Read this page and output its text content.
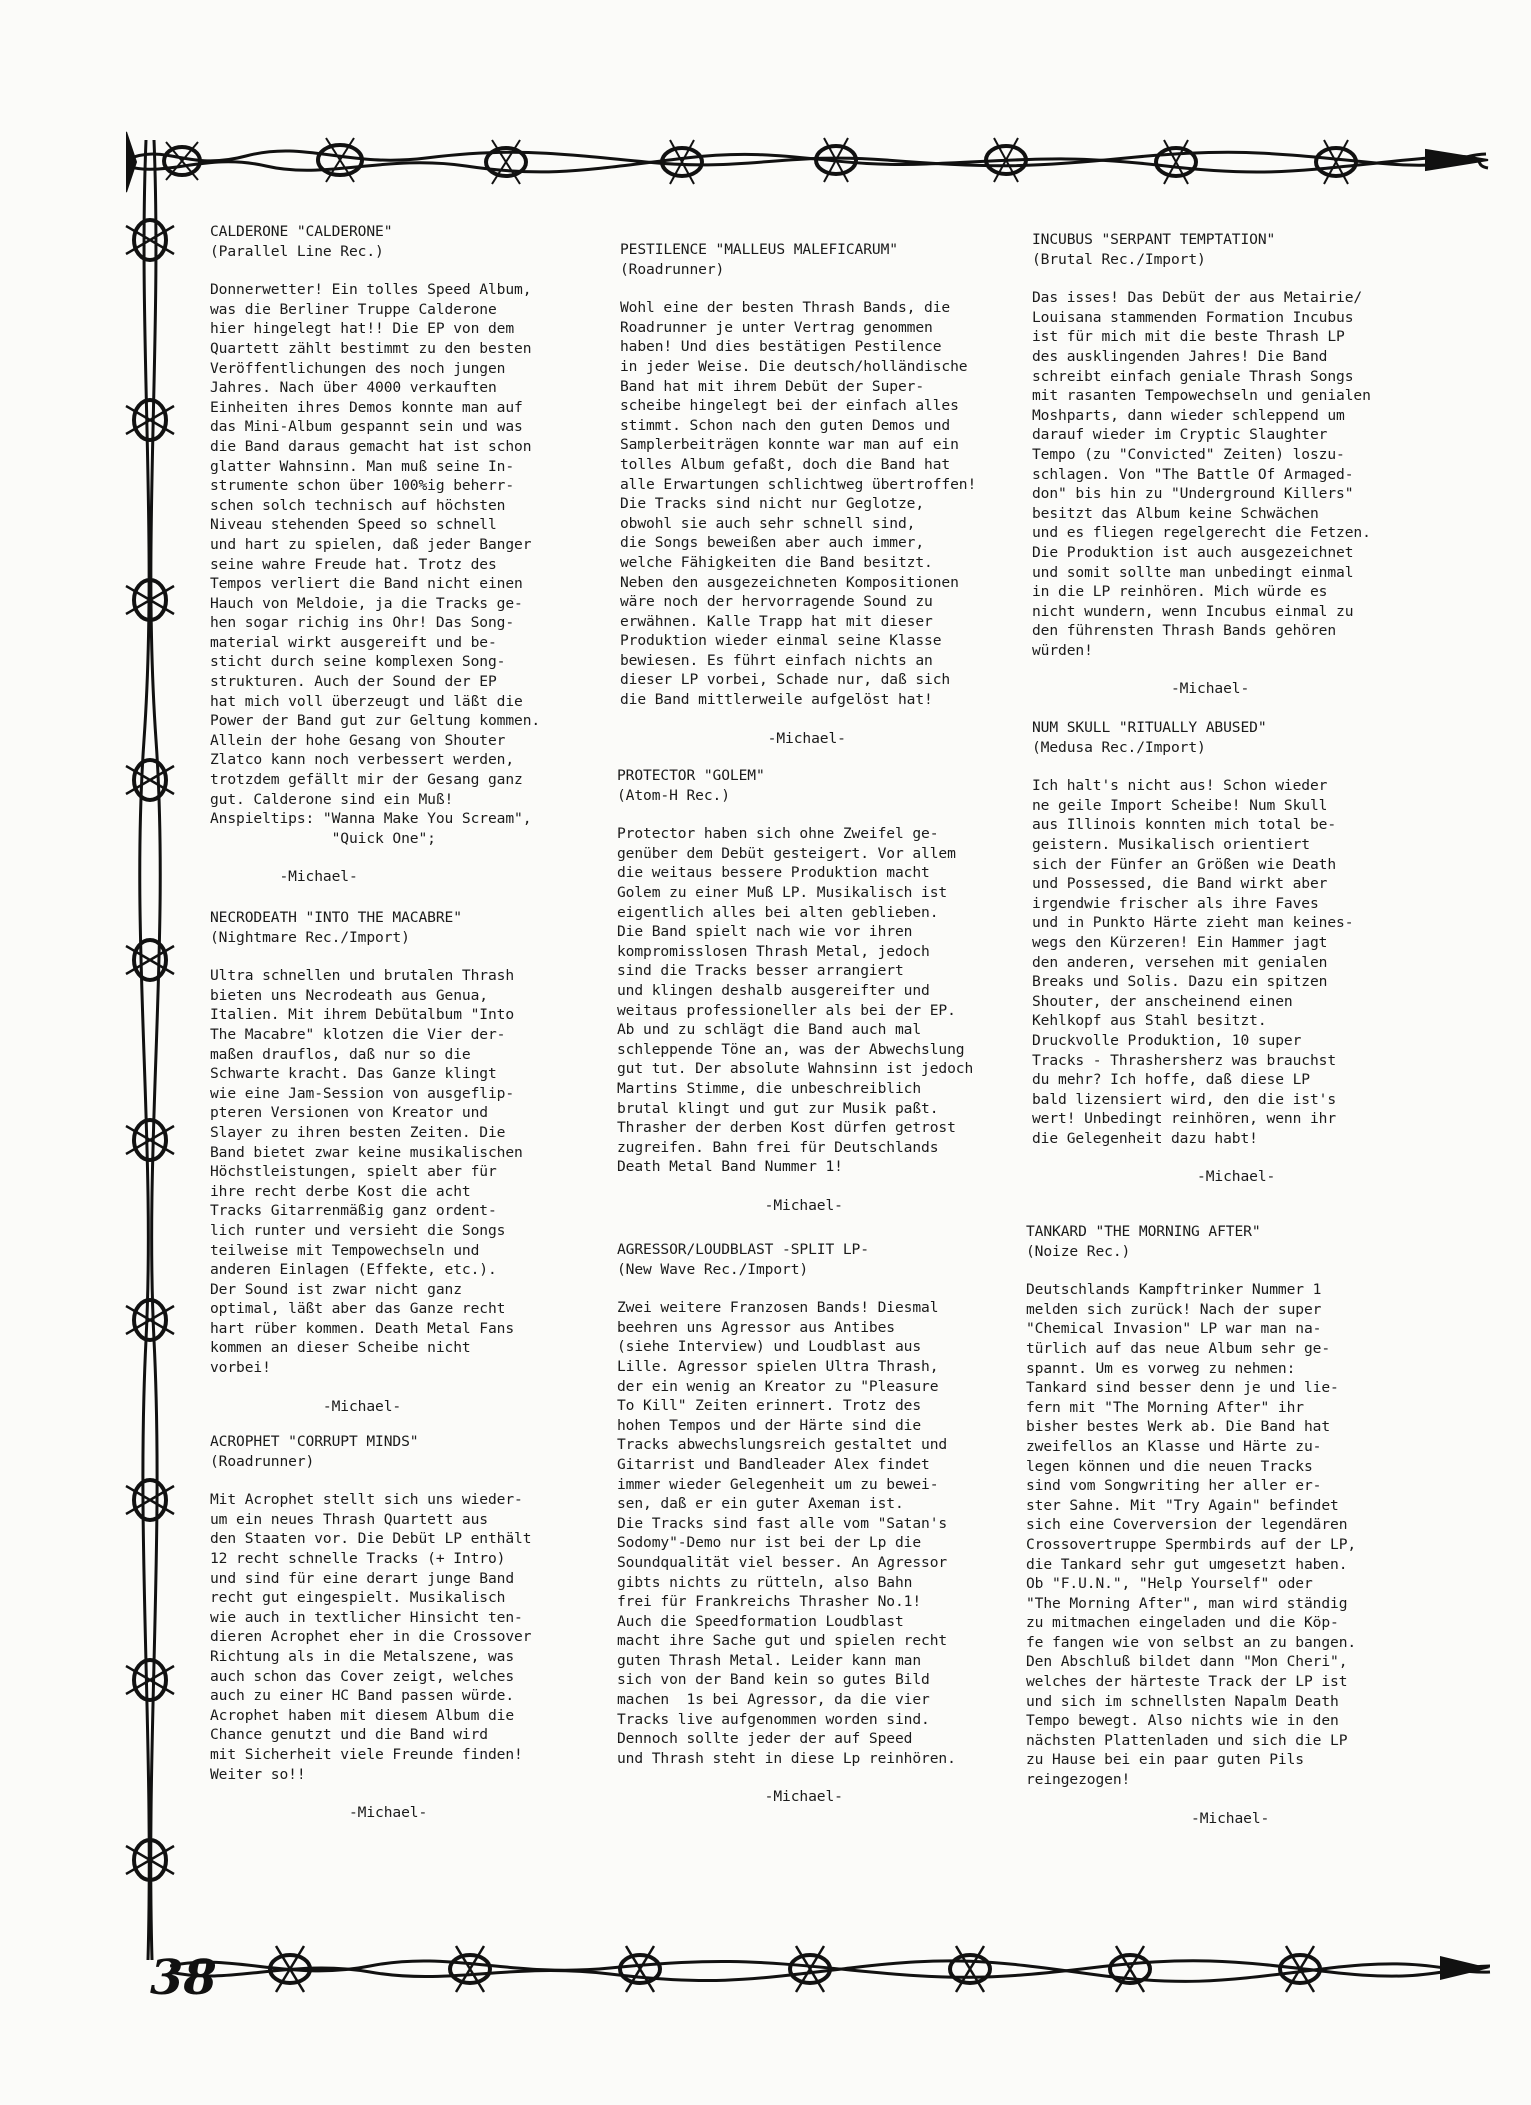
38
CALDERONE "CALDERONE"
(Parallel Line Rec.)
Donnerwetter! Ein tolles Speed Album,
was die Berliner Truppe Calderone
hier hingelegt hat!! Die EP von dem
Quartett zählt bestimmt zu den besten
Veröffentlichungen des noch jungen
Jahres. Nach über 4000 verkauften
Einheiten ihres Demos konnte man auf
das Mini-Album gespannt sein und was
die Band daraus gemacht hat ist schon
glatter Wahnsinn. Man muß seine In-
strumente schon über 100%ig beherr-
schen solch technisch auf höchsten
Niveau stehenden Speed so schnell
und hart zu spielen, daß jeder Banger
seine wahre Freude hat. Trotz des
Tempos verliert die Band nicht einen
Hauch von Meldoie, ja die Tracks ge-
hen sogar richig ins Ohr! Das Song-
material wirkt ausgereift und be-
sticht durch seine komplexen Song-
strukturen. Auch der Sound der EP
hat mich voll überzeugt und läßt die
Power der Band gut zur Geltung kommen.
Allein der hohe Gesang von Shouter
Zlatco kann noch verbessert werden,
trotzdem gefällt mir der Gesang ganz
gut. Calderone sind ein Muß!
Anspieltips: "Wanna Make You Scream",
"Quick One";
-Michael-
NECRODEATH "INTO THE MACABRE"
(Nightmare Rec./Import)
Ultra schnellen und brutalen Thrash
bieten uns Necrodeath aus Genua,
Italien. Mit ihrem Debütalbum "Into
The Macabre" klotzen die Vier der-
maßen drauflos, daß nur so die
Schwarte kracht. Das Ganze klingt
wie eine Jam-Session von ausgeflip-
pteren Versionen von Kreator und
Slayer zu ihren besten Zeiten. Die
Band bietet zwar keine musikalischen
Höchstleistungen, spielt aber für
ihre recht derbe Kost die acht
Tracks Gitarrenmäßig ganz ordent-
lich runter und versieht die Songs
teilweise mit Tempowechseln und
anderen Einlagen (Effekte, etc.).
Der Sound ist zwar nicht ganz
optimal, läßt aber das Ganze recht
hart rüber kommen. Death Metal Fans
kommen an dieser Scheibe nicht
vorbei!
-Michael-
ACROPHET "CORRUPT MINDS"
(Roadrunner)
Mit Acrophet stellt sich uns wieder-
um ein neues Thrash Quartett aus
den Staaten vor. Die Debüt LP enthält
12 recht schnelle Tracks (+ Intro)
und sind für eine derart junge Band
recht gut eingespielt. Musikalisch
wie auch in textlicher Hinsicht ten-
dieren Acrophet eher in die Crossover
Richtung als in die Metalszene, was
auch schon das Cover zeigt, welches
auch zu einer HC Band passen würde.
Acrophet haben mit diesem Album die
Chance genutzt und die Band wird
mit Sicherheit viele Freunde finden!
Weiter so!!
-Michael-
PESTILENCE "MALLEUS MALEFICARUM"
(Roadrunner)
Wohl eine der besten Thrash Bands, die
Roadrunner je unter Vertrag genommen
haben! Und dies bestätigen Pestilence
in jeder Weise. Die deutsch/holländische
Band hat mit ihrem Debüt der Super-
scheibe hingelegt bei der einfach alles
stimmt. Schon nach den guten Demos und
Samplerbeiträgen konnte war man auf ein
tolles Album gefaßt, doch die Band hat
alle Erwartungen schlichtweg übertroffen!
Die Tracks sind nicht nur Geglotze,
obwohl sie auch sehr schnell sind,
die Songs beweißen aber auch immer,
welche Fähigkeiten die Band besitzt.
Neben den ausgezeichneten Kompositionen
wäre noch der hervorragende Sound zu
erwähnen. Kalle Trapp hat mit dieser
Produktion wieder einmal seine Klasse
bewiesen. Es führt einfach nichts an
dieser LP vorbei, Schade nur, daß sich
die Band mittlerweile aufgelöst hat!
-Michael-
PROTECTOR "GOLEM"
(Atom-H Rec.)
Protector haben sich ohne Zweifel ge-
genüber dem Debüt gesteigert. Vor allem
die weitaus bessere Produktion macht
Golem zu einer Muß LP. Musikalisch ist
eigentlich alles bei alten geblieben.
Die Band spielt nach wie vor ihren
kompromisslosen Thrash Metal, jedoch
sind die Tracks besser arrangiert
und klingen deshalb ausgereifter und
weitaus professioneller als bei der EP.
Ab und zu schlägt die Band auch mal
schleppende Töne an, was der Abwechslung
gut tut. Der absolute Wahnsinn ist jedoch
Martins Stimme, die unbeschreiblich
brutal klingt und gut zur Musik paßt.
Thrasher der derben Kost dürfen getrost
zugreifen. Bahn frei für Deutschlands
Death Metal Band Nummer 1!
-Michael-
AGRESSOR/LOUDBLAST -SPLIT LP-
(New Wave Rec./Import)
Zwei weitere Franzosen Bands! Diesmal
beehren uns Agressor aus Antibes
(siehe Interview) und Loudblast aus
Lille. Agressor spielen Ultra Thrash,
der ein wenig an Kreator zu "Pleasure
To Kill" Zeiten erinnert. Trotz des
hohen Tempos und der Härte sind die
Tracks abwechslungsreich gestaltet und
Gitarrist und Bandleader Alex findet
immer wieder Gelegenheit um zu bewei-
sen, daß er ein guter Axeman ist.
Die Tracks sind fast alle vom "Satan's
Sodomy"-Demo nur ist bei der Lp die
Soundqualität viel besser. An Agressor
gibts nichts zu rütteln, also Bahn
frei für Frankreichs Thrasher No.1!
Auch die Speedformation Loudblast
macht ihre Sache gut und spielen recht
guten Thrash Metal. Leider kann man
sich von der Band kein so gutes Bild
machen  1s bei Agressor, da die vier
Tracks live aufgenommen worden sind.
Dennoch sollte jeder der auf Speed
und Thrash steht in diese Lp reinhören.
-Michael-
INCUBUS "SERPANT TEMPTATION"
(Brutal Rec./Import)
Das isses! Das Debüt der aus Metairie/
Louisana stammenden Formation Incubus
ist für mich mit die beste Thrash LP
des ausklingenden Jahres! Die Band
schreibt einfach geniale Thrash Songs
mit rasanten Tempowechseln und genialen
Moshparts, dann wieder schleppend um
darauf wieder im Cryptic Slaughter
Tempo (zu "Convicted" Zeiten) loszu-
schlagen. Von "The Battle Of Armaged-
don" bis hin zu "Underground Killers"
besitzt das Album keine Schwächen
und es fliegen regelgerecht die Fetzen.
Die Produktion ist auch ausgezeichnet
und somit sollte man unbedingt einmal
in die LP reinhören. Mich würde es
nicht wundern, wenn Incubus einmal zu
den führensten Thrash Bands gehören
würden!
-Michael-
NUM SKULL "RITUALLY ABUSED"
(Medusa Rec./Import)
Ich halt's nicht aus! Schon wieder
ne geile Import Scheibe! Num Skull
aus Illinois konnten mich total be-
geistern. Musikalisch orientiert
sich der Fünfer an Größen wie Death
und Possessed, die Band wirkt aber
irgendwie frischer als ihre Faves
und in Punkto Härte zieht man keines-
wegs den Kürzeren! Ein Hammer jagt
den anderen, versehen mit genialen
Breaks und Solis. Dazu ein spitzen
Shouter, der anscheinend einen
Kehlkopf aus Stahl besitzt.
Druckvolle Produktion, 10 super
Tracks - Thrashersherz was brauchst
du mehr? Ich hoffe, daß diese LP
bald lizensiert wird, den die ist's
wert! Unbedingt reinhören, wenn ihr
die Gelegenheit dazu habt!
-Michael-
TANKARD "THE MORNING AFTER"
(Noize Rec.)
Deutschlands Kampftrinker Nummer 1
melden sich zurück! Nach der super
"Chemical Invasion" LP war man na-
türlich auf das neue Album sehr ge-
spannt. Um es vorweg zu nehmen:
Tankard sind besser denn je und lie-
fern mit "The Morning After" ihr
bisher bestes Werk ab. Die Band hat
zweifellos an Klasse und Härte zu-
legen können und die neuen Tracks
sind vom Songwriting her aller er-
ster Sahne. Mit "Try Again" befindet
sich eine Coverversion der legendären
Crossovertruppe Spermbirds auf der LP,
die Tankard sehr gut umgesetzt haben.
Ob "F.U.N.", "Help Yourself" oder
"The Morning After", man wird ständig
zu mitmachen eingeladen und die Köp-
fe fangen wie von selbst an zu bangen.
Den Abschluß bildet dann "Mon Cheri",
welches der härteste Track der LP ist
und sich im schnellsten Napalm Death
Tempo bewegt. Also nichts wie in den
nächsten Plattenladen und sich die LP
zu Hause bei ein paar guten Pils
reingezogen!
-Michael-
